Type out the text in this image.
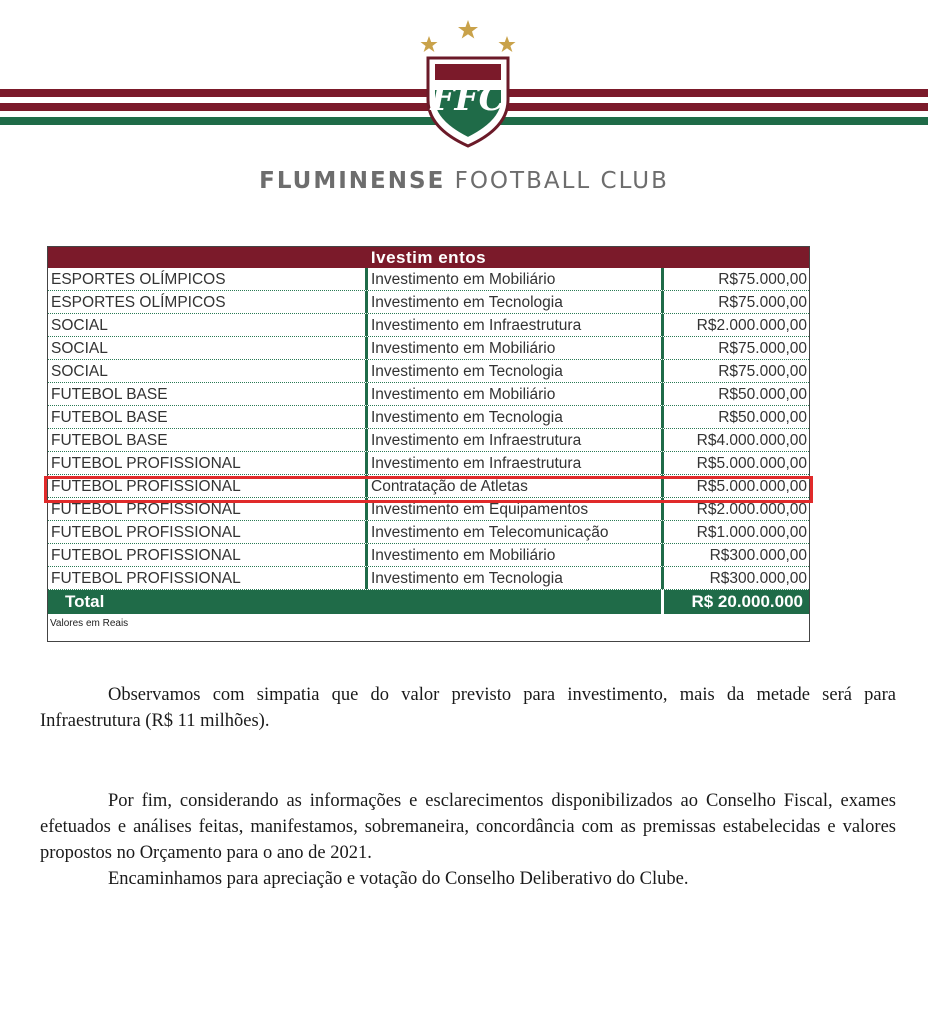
FFC
FLUMINENSE FOOTBALL CLUB
Ivestim entos
ESPORTES OLÍMPICOS	Investimento em Mobiliário	R$75.000,00
ESPORTES OLÍMPICOS	Investimento em Tecnologia	R$75.000,00
SOCIAL	Investimento em Infraestrutura	R$2.000.000,00
SOCIAL	Investimento em Mobiliário	R$75.000,00
SOCIAL	Investimento em Tecnologia	R$75.000,00
FUTEBOL BASE	Investimento em Mobiliário	R$50.000,00
FUTEBOL BASE	Investimento em Tecnologia	R$50.000,00
FUTEBOL BASE	Investimento em Infraestrutura	R$4.000.000,00
FUTEBOL PROFISSIONAL	Investimento em Infraestrutura	R$5.000.000,00
FUTEBOL PROFISSIONAL	Contratação de Atletas	R$5.000.000,00
FUTEBOL PROFISSIONAL	Investimento em Equipamentos	R$2.000.000,00
FUTEBOL PROFISSIONAL	Investimento em Telecomunicação	R$1.000.000,00
FUTEBOL PROFISSIONAL	Investimento em Mobiliário	R$300.000,00
FUTEBOL PROFISSIONAL	Investimento em Tecnologia	R$300.000,00
Total	R$ 20.000.000
Valores em Reais
Observamos com simpatia que do valor previsto para investimento, mais da metade será para Infraestrutura (R$ 11 milhões).
Por fim, considerando as informações e esclarecimentos disponibilizados ao Conselho Fiscal, exames efetuados e análises feitas, manifestamos, sobremaneira, concordância com as premissas estabelecidas e valores propostos no Orçamento para o ano de 2021.
Encaminhamos para apreciação e votação do Conselho Deliberativo do Clube.
